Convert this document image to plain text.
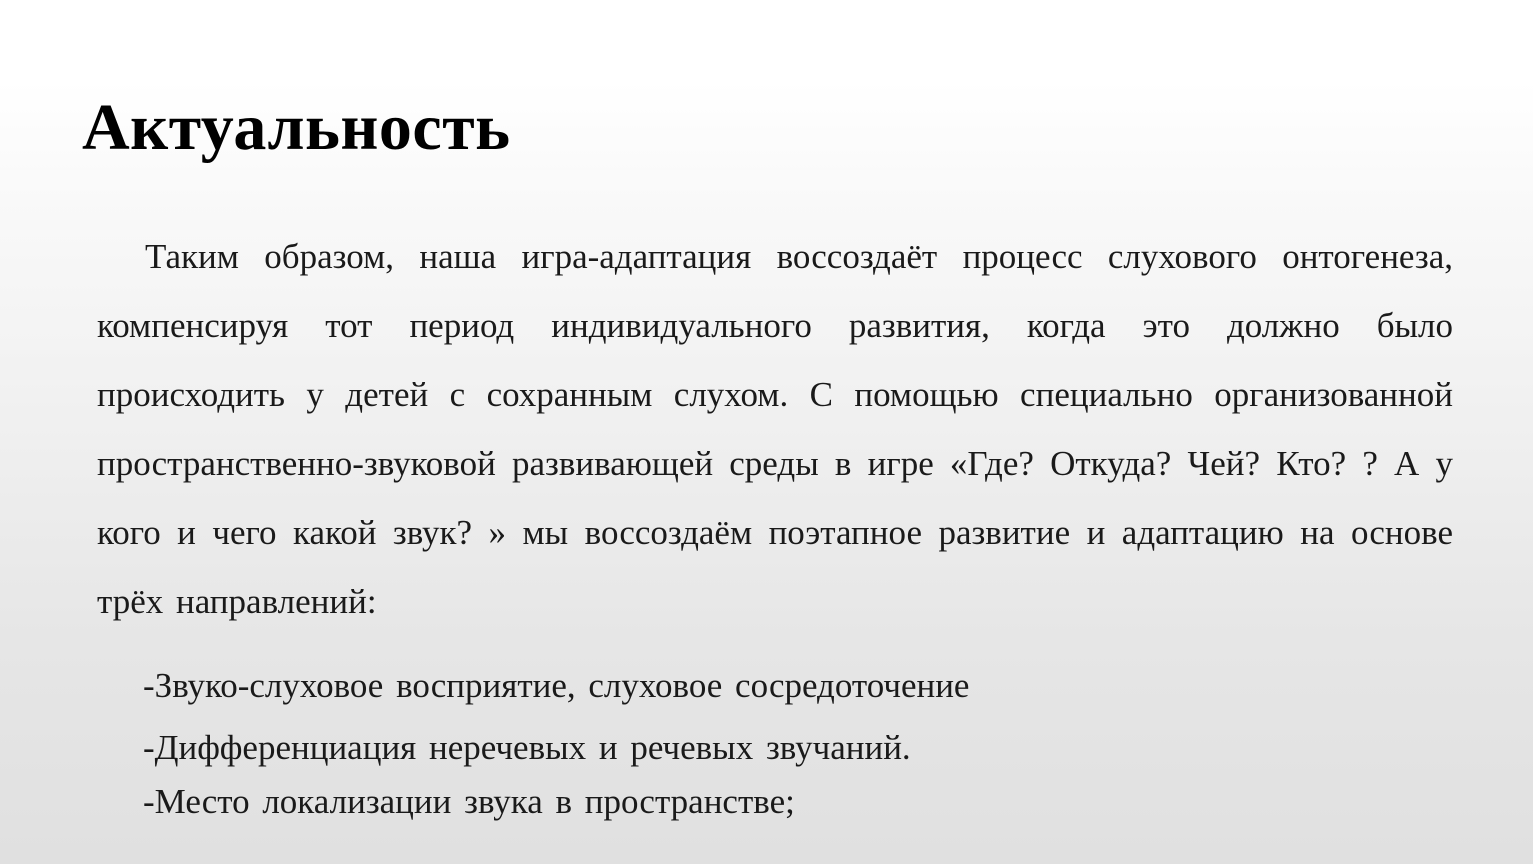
Актуальность

Таким образом, наша игра-адаптация воссоздаёт процесс слухового онтогенеза, компенсируя тот период индивидуального развития, когда это должно было происходить у детей с сохранным слухом. С помощью специально организованной пространственно-звуковой развивающей среды в игре «Где? Откуда? Чей? Кто? ? А у кого и чего какой звук? » мы воссоздаём поэтапное развитие и адаптацию на основе трёх направлений:

-Звуко-слуховое восприятие, слуховое сосредоточение
-Дифференциация неречевых и речевых звучаний.
-Место локализации звука в пространстве;
